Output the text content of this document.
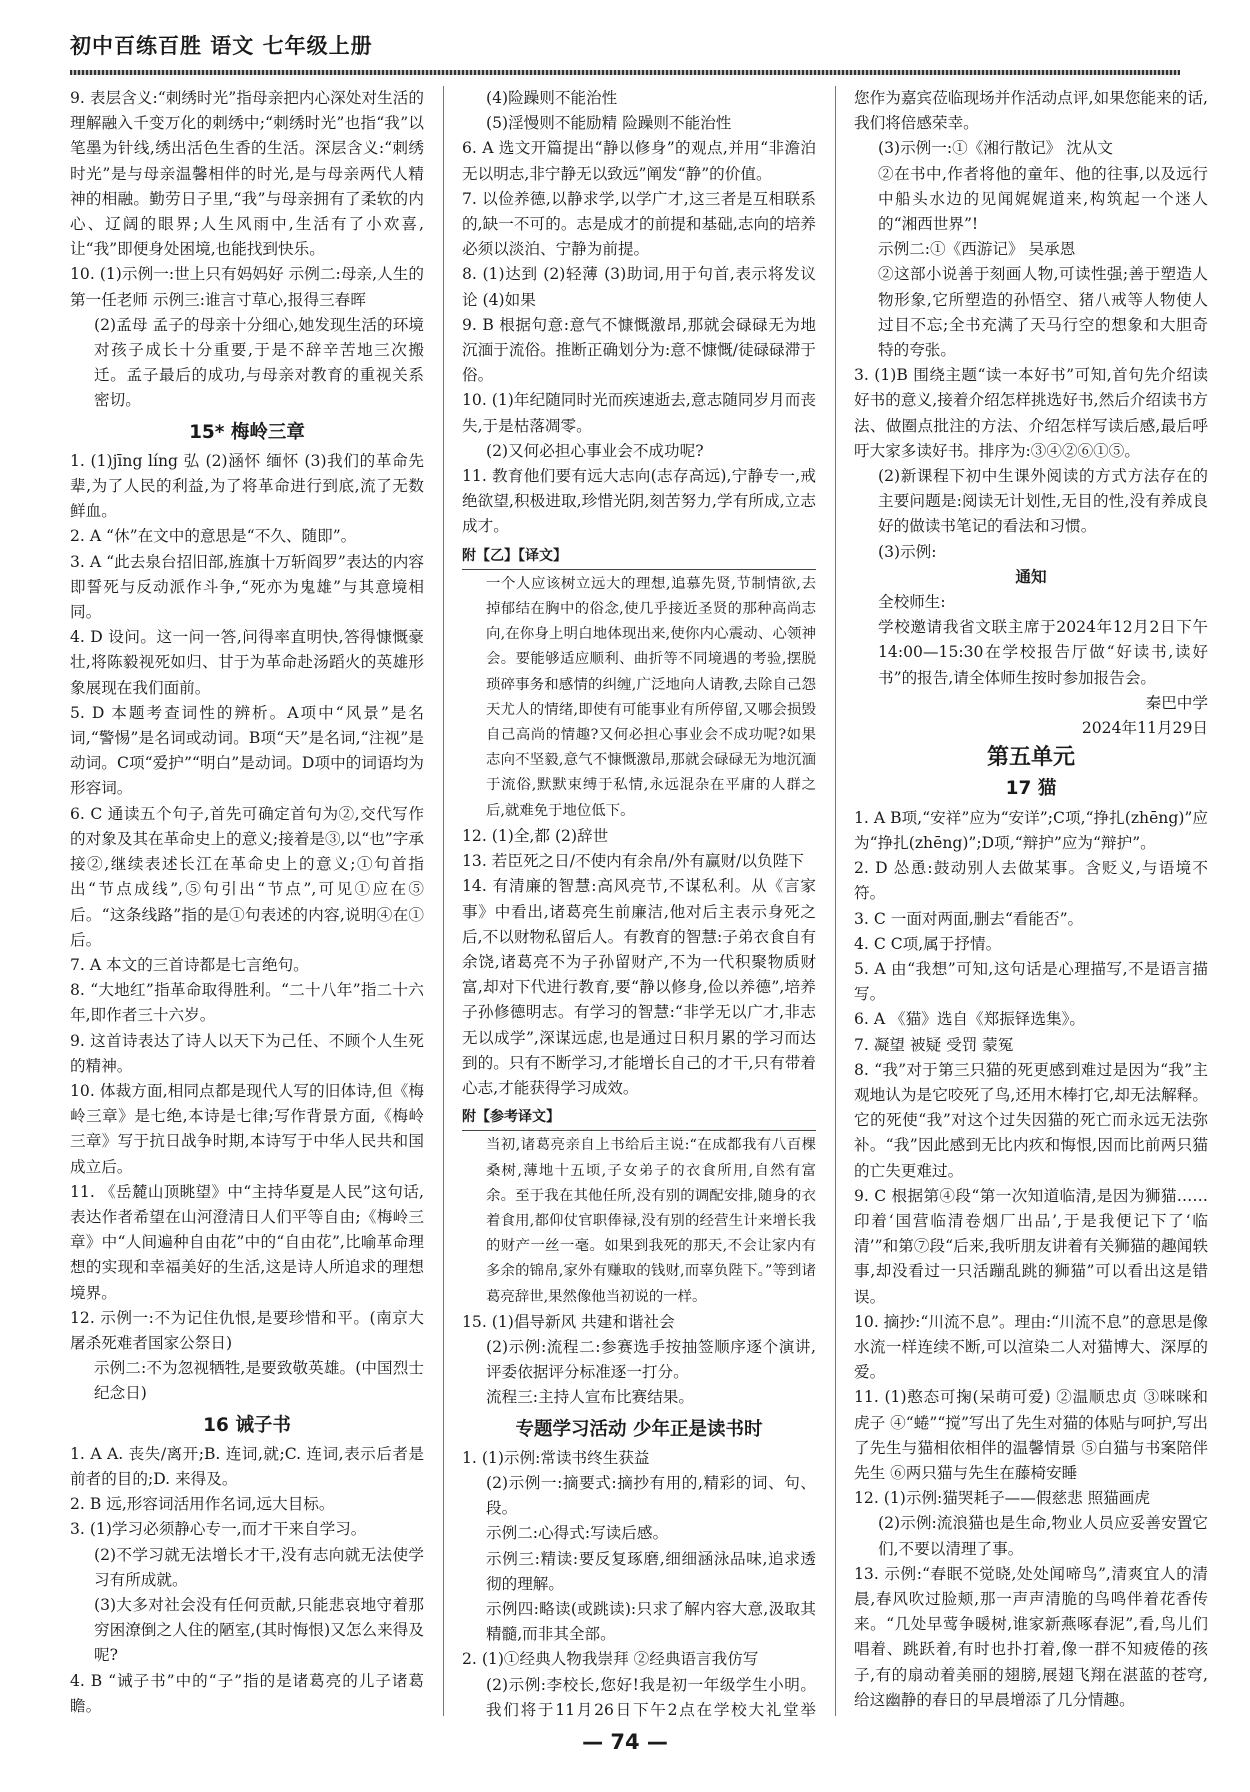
初中百练百胜 语文 七年级上册
9. 表层含义:“刺绣时光”指母亲把内心深处对生活的理解融入千变万化的刺绣中;“刺绣时光”也指“我”以笔墨为针线,绣出活色生香的生活。深层含义:“刺绣时光”是与母亲温馨相伴的时光,是与母亲两代人精神的相融。勤劳日子里,“我”与母亲拥有了柔软的内心、辽阔的眼界;人生风雨中,生活有了小欢喜,让“我”即便身处困境,也能找到快乐。
10. (1)示例一:世上只有妈妈好 示例二:母亲,人生的第一任老师 示例三:谁言寸草心,报得三春晖
(2)孟母 孟子的母亲十分细心,她发现生活的环境对孩子成长十分重要,于是不辞辛苦地三次搬迁。孟子最后的成功,与母亲对教育的重视关系密切。
15* 梅岭三章
1. (1)jīng líng 弘 (2)涵怀 缅怀 (3)我们的革命先辈,为了人民的利益,为了将革命进行到底,流了无数鲜血。
2. A “休”在文中的意思是“不久、随即”。
3. A “此去泉台招旧部,旌旗十万斩阎罗”表达的内容即誓死与反动派作斗争,“死亦为鬼雄”与其意境相同。
4. D 设问。这一问一答,问得率直明快,答得慷慨豪壮,将陈毅视死如归、甘于为革命赴汤蹈火的英雄形象展现在我们面前。
5. D 本题考查词性的辨析。A项中“风景”是名词,“警惕”是名词或动词。B项“天”是名词,“注视”是动词。C项“爱护”“明白”是动词。D项中的词语均为形容词。
6. C 通读五个句子,首先可确定首句为②,交代写作的对象及其在革命史上的意义;接着是③,以“也”字承接②,继续表述长江在革命史上的意义;①句首指出“节点成线”,⑤句引出“节点”,可见①应在⑤后。“这条线路”指的是①句表述的内容,说明④在①后。
7. A 本文的三首诗都是七言绝句。
8. “大地红”指革命取得胜利。“二十八年”指二十六年,即作者三十六岁。
9. 这首诗表达了诗人以天下为己任、不顾个人生死的精神。
10. 体裁方面,相同点都是现代人写的旧体诗,但《梅岭三章》是七绝,本诗是七律;写作背景方面,《梅岭三章》写于抗日战争时期,本诗写于中华人民共和国成立后。
11. 《岳麓山顶眺望》中“主持华夏是人民”这句话,表达作者希望在山河澄清日人们平等自由;《梅岭三章》中“人间遍种自由花”中的“自由花”,比喻革命理想的实现和幸福美好的生活,这是诗人所追求的理想境界。
12. 示例一:不为记住仇恨,是要珍惜和平。(南京大屠杀死难者国家公祭日)
示例二:不为忽视牺牲,是要致敬英雄。(中国烈士纪念日)
16 诫子书
1. A A. 丧失/离开;B. 连词,就;C. 连词,表示后者是前者的目的;D. 来得及。
2. B 远,形容词活用作名词,远大目标。
3. (1)学习必须静心专一,而才干来自学习。
(2)不学习就无法增长才干,没有志向就无法使学习有所成就。
(3)大多对社会没有任何贡献,只能悲哀地守着那穷困潦倒之人住的陋室,(其时悔恨)又怎么来得及呢?
4. B “诫子书”中的“子”指的是诸葛亮的儿子诸葛瞻。
(4)险躁则不能治性
(5)淫慢则不能励精 险躁则不能治性
6. A 选文开篇提出“静以修身”的观点,并用“非澹泊无以明志,非宁静无以致远”阐发“静”的价值。
7. 以俭养德,以静求学,以学广才,这三者是互相联系的,缺一不可的。志是成才的前提和基础,志向的培养必须以淡泊、宁静为前提。
8. (1)达到 (2)轻薄 (3)助词,用于句首,表示将发议论 (4)如果
9. B 根据句意:意气不慷慨激昂,那就会碌碌无为地沉湎于流俗。推断正确划分为:意不慷慨/徒碌碌滞于俗。
10. (1)年纪随同时光而疾速逝去,意志随同岁月而丧失,于是枯落凋零。
(2)又何必担心事业会不成功呢?
11. 教育他们要有远大志向(志存高远),宁静专一,戒绝欲望,积极进取,珍惜光阴,刻苦努力,学有所成,立志成才。
附【乙】【译文】
一个人应该树立远大的理想,追慕先贤,节制情欲,去掉郁结在胸中的俗念,使几乎接近圣贤的那种高尚志向,在你身上明白地体现出来,使你内心震动、心领神会。要能够适应顺利、曲折等不同境遇的考验,摆脱琐碎事务和感情的纠缠,广泛地向人请教,去除自己怨天尤人的情绪,即使有可能事业有所停留,又哪会损毁自己高尚的情趣?又何必担心事业会不成功呢?如果志向不坚毅,意气不慷慨激昂,那就会碌碌无为地沉湎于流俗,默默束缚于私情,永远混杂在平庸的人群之后,就难免于地位低下。
12. (1)全,都 (2)辞世
13. 若臣死之日/不使内有余帛/外有赢财/以负陛下
14. 有清廉的智慧:高风亮节,不谋私利。从《言家事》中看出,诸葛亮生前廉洁,他对后主表示身死之后,不以财物私留后人。有教育的智慧:子弟衣食自有余饶,诸葛亮不为子孙留财产,不为一代积聚物质财富,却对下代进行教育,要“静以修身,俭以养德”,培养子孙修德明志。有学习的智慧:“非学无以广才,非志无以成学”,深谋远虑,也是通过日积月累的学习而达到的。只有不断学习,才能增长自己的才干,只有带着心志,才能获得学习成效。
附【参考译文】
当初,诸葛亮亲自上书给后主说:“在成都我有八百棵桑树,薄地十五顷,子女弟子的衣食所用,自然有富余。至于我在其他任所,没有别的调配安排,随身的衣着食用,都仰仗官职俸禄,没有别的经营生计来增长我的财产一丝一毫。如果到我死的那天,不会让家内有多余的锦帛,家外有赚取的钱财,而辜负陛下。”等到诸葛亮辞世,果然像他当初说的一样。
15. (1)倡导新风 共建和谐社会
(2)示例:流程二:参赛选手按抽签顺序逐个演讲,评委依据评分标准逐一打分。
流程三:主持人宣布比赛结果。
专题学习活动 少年正是读书时
1. (1)示例:常读书终生获益
(2)示例一:摘要式:摘抄有用的,精彩的词、句、段。
示例二:心得式:写读后感。
示例三:精读:要反复琢磨,细细涵泳品味,追求透彻的理解。
示例四:略读(或跳读):只求了解内容大意,汲取其精髓,而非其全部。
2. (1)①经典人物我崇拜 ②经典语言我仿写
(2)示例:李校长,您好!我是初一年级学生小明。我们将于11月26日下午2点在学校大礼堂举
您作为嘉宾莅临现场并作活动点评,如果您能来的话,我们将倍感荣幸。
(3)示例一:①《湘行散记》 沈从文
②在书中,作者将他的童年、他的往事,以及远行中船头水边的见闻娓娓道来,构筑起一个迷人的“湘西世界”!
示例二:①《西游记》 吴承恩
②这部小说善于刻画人物,可读性强;善于塑造人物形象,它所塑造的孙悟空、猪八戒等人物使人过目不忘;全书充满了天马行空的想象和大胆奇特的夸张。
3. (1)B 围绕主题“读一本好书”可知,首句先介绍读好书的意义,接着介绍怎样挑选好书,然后介绍读书方法、做圈点批注的方法、介绍怎样写读后感,最后呼吁大家多读好书。排序为:③④②⑥①⑤。
(2)新课程下初中生课外阅读的方式方法存在的主要问题是:阅读无计划性,无目的性,没有养成良好的做读书笔记的看法和习惯。
(3)示例:
通知
全校师生:
学校邀请我省文联主席于2024年12月2日下午14:00—15:30在学校报告厅做“好读书,读好书”的报告,请全体师生按时参加报告会。
秦巴中学
2024年11月29日
第五单元
17 猫
1. A B项,“安祥”应为“安详”;C项,“挣扎(zhēng)”应为“挣扎(zhēng)”;D项,“辩护”应为“辩护”。
2. D 怂恿:鼓动别人去做某事。含贬义,与语境不符。
3. C 一面对两面,删去“看能否”。
4. C C项,属于抒情。
5. A 由“我想”可知,这句话是心理描写,不是语言描写。
6. A 《猫》选自《郑振铎选集》。
7. 凝望 被疑 受罚 蒙冤
8. “我”对于第三只猫的死更感到难过是因为“我”主观地认为是它咬死了鸟,还用木棒打它,却无法解释。它的死使“我”对这个过失因猫的死亡而永远无法弥补。“我”因此感到无比内疚和悔恨,因而比前两只猫的亡失更难过。
9. C 根据第④段“第一次知道临清,是因为狮猫……印着‘国营临清卷烟厂出品’,于是我便记下了‘临清’”和第⑦段“后来,我听朋友讲着有关狮猫的趣闻轶事,却没看过一只活蹦乱跳的狮猫”可以看出这是错误。
10. 摘抄:“川流不息”。理由:“川流不息”的意思是像水流一样连续不断,可以渲染二人对猫博大、深厚的爱。
11. (1)憨态可掬(呆萌可爱) ②温顺忠贞 ③咪咪和虎子 ④“蜷”“搅”写出了先生对猫的体贴与呵护,写出了先生与猫相依相伴的温馨情景 ⑤白猫与书案陪伴先生 ⑥两只猫与先生在藤椅安睡
12. (1)示例:猫哭耗子——假慈悲 照猫画虎
(2)示例:流浪猫也是生命,物业人员应妥善安置它们,不要以清理了事。
13. 示例:“春眠不觉晓,处处闻啼鸟”,清爽宜人的清晨,春风吹过脸颊,那一声声清脆的鸟鸣伴着花香传来。“几处早莺争暖树,谁家新燕啄春泥”,看,鸟儿们唱着、跳跃着,有时也扑打着,像一群不知疲倦的孩子,有的扇动着美丽的翅膀,展翅飞翔在湛蓝的苍穹,给这幽静的春日的早晨增添了几分情趣。
— 74 —
